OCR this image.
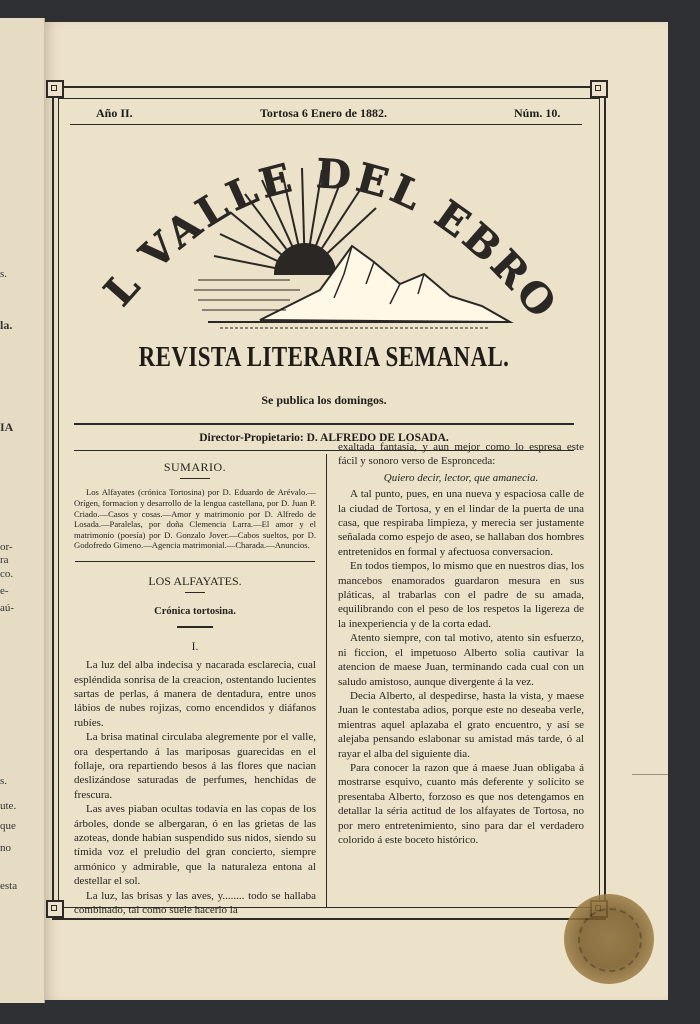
s.
la.
IA
or-
ra
co.
e-
aú-
s.
ute.
que
no
esta
Año II.	Tortosa 6 Enero de 1882.	Núm. 10.
L VALLE DEL EBR
REVISTA LITERARIA SEMANAL.
Se publica los domingos.
Director-Propietario: D. ALFREDO DE LOSADA.
SUMARIO.
Los Alfayates (crónica Tortosina) por D. Eduardo de Arévalo.—Orígen, formacion y desarrollo de la lengua castellana, por D. Juan P. Criado.—Casos y cosas.—Amor y matrimonio por D. Alfredo de Losada.—Paralelas, por doña Clemencia Larra.—El amor y el matrimonio (poesía) por D. Gonzalo Jover.—Cabos sueltos, por D. Godofredo Gimeno.—Agencia matrimonial.—Charada.—Anuncios.
LOS ALFAYATES.
Crónica tortosina.
I.

La luz del alba indecisa y nacarada esclarecia, cual espléndida sonrisa de la creacion, ostentando lucientes sartas de perlas, á manera de dentadura, entre unos lábios de nubes rojizas, como encendidos y diáfanos rubíes.

La brisa matinal circulaba alegremente por el valle, ora despertando á las mariposas guarecidas en el follaje, ora repartiendo besos á las flores que nacian deslizándose saturadas de perfumes, henchidas de frescura.

Las aves piaban ocultas todavía en las copas de los árboles, donde se albergaran, ó en las grietas de las azoteas, donde habian suspendido sus nidos, siendo su tímida voz el preludio del gran concierto, siempre armónico y admirable, que la naturaleza entona al destellar el sol.

La luz, las brisas y las aves, y........ todo se hallaba combinado, tal como suele hacerlo la

exaltada fantasía, y aun mejor como lo espresa este fácil y sonoro verso de Espronceda:

Quiero decir, lector, que amanecia.

A tal punto, pues, en una nueva y espaciosa calle de la ciudad de Tortosa, y en el lindar de la puerta de una casa, que respiraba limpieza, y merecia ser justamente señalada como espejo de aseo, se hallaban dos hombres entretenidos en formal y afectuosa conversacion.

En todos tiempos, lo mismo que en nuestros dias, los mancebos enamorados guardaron mesura en sus pláticas, al trabarlas con el padre de su amada, equilibrando con el peso de los respetos la ligereza de la inexperiencia y de la corta edad.

Atento siempre, con tal motivo, atento sin esfuerzo, ni ficcion, el impetuoso Alberto solia cautivar la atencion de maese Juan, terminando cada cual con un saludo amistoso, aunque divergente á la vez.

Decia Alberto, al despedirse, hasta la vista, y maese Juan le contestaba adios, porque este no deseaba verle, mientras aquel aplazaba el grato encuentro, y así se alejaba pensando eslabonar su amistad más tarde, ó al rayar el alba del siguiente dia.

Para conocer la razon que á maese Juan obligaba á mostrarse esquivo, cuanto más deferente y solícito se presentaba Alberto, forzoso es que nos detengamos en detallar la séria actitud de los alfayates de Tortosa, no por mero entretenimiento, sino para dar el verdadero colorido á este boceto histórico.
